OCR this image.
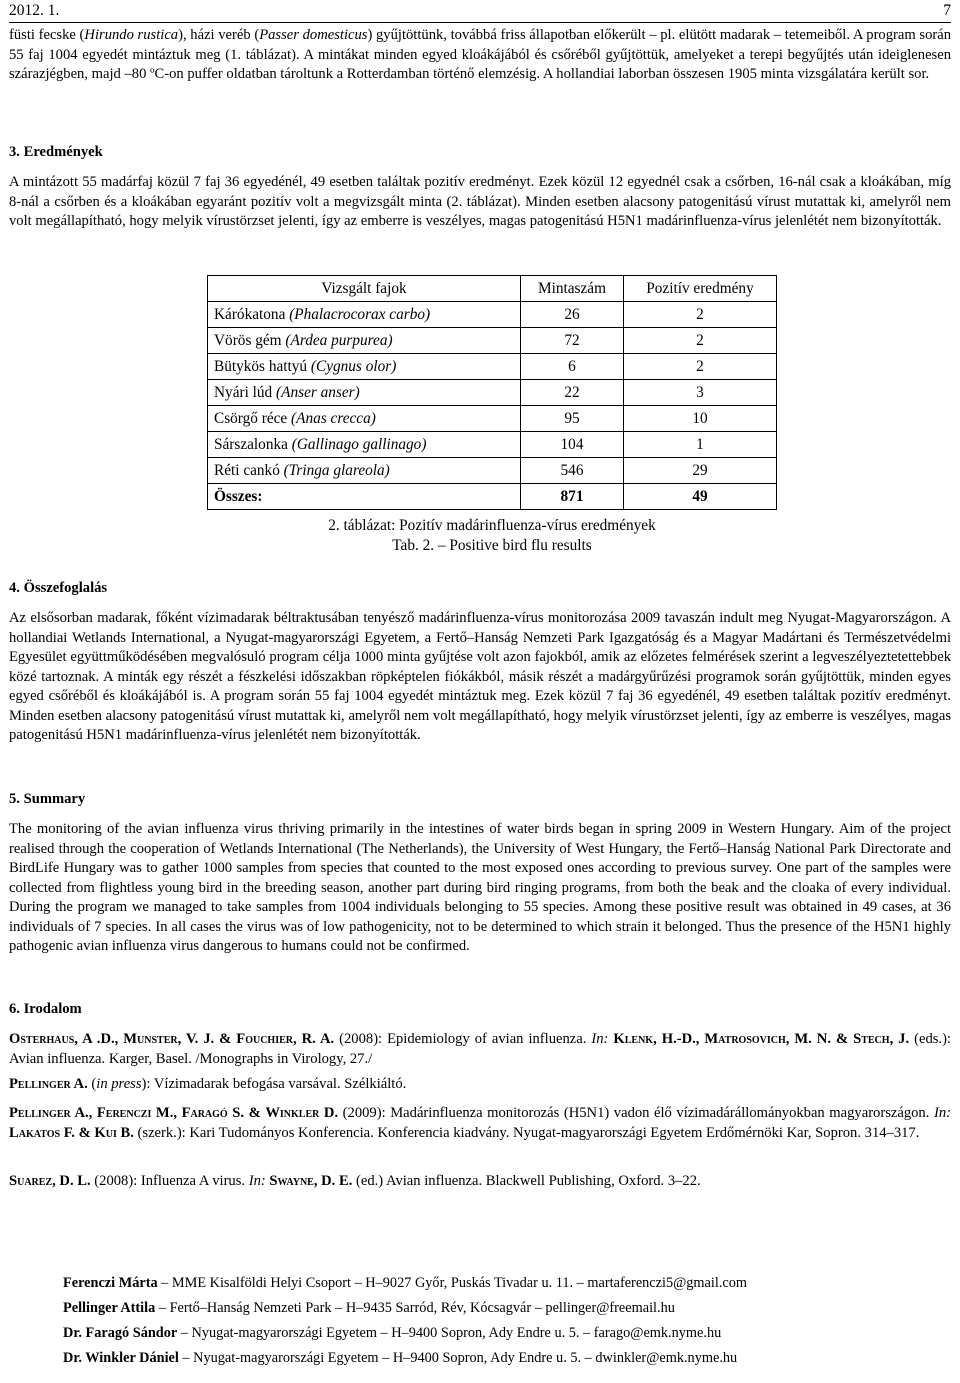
2012. 1.	7

füsti fecske (Hirundo rustica), házi veréb (Passer domesticus) gyűjtöttünk, továbbá friss állapotban előkerült – pl. elütött madarak – tetemeiből. A program során 55 faj 1004 egyedét mintáztuk meg (1. táblázat). A mintákat minden egyed kloákájából és csőréből gyűjtöttük, amelyeket a terepi begyűjtés után ideiglenesen szárazjégben, majd –80 ºC-on puffer oldatban tároltunk a Rotterdamban történő elemzésig. A hollandiai laborban összesen 1905 minta vizsgálatára került sor.

3. Eredmények

A mintázott 55 madárfaj közül 7 faj 36 egyedénél, 49 esetben találtak pozitív eredményt. Ezek közül 12 egyednél csak a csőrben, 16-nál csak a kloákában, míg 8-nál a csőrben és a kloákában egyaránt pozitív volt a megvizsgált minta (2. táblázat). Minden esetben alacsony patogenitású vírust mutattak ki, amelyről nem volt megállapítható, hogy melyik vírustörzset jelenti, így az emberre is veszélyes, magas patogenitású H5N1 madárinfluenza-vírus jelenlétét nem bizonyították.

Vizsgált fajok	Mintaszám	Pozitív eredmény
Kárókatona (Phalacrocorax carbo)	26	2
Vörös gém (Ardea purpurea)	72	2
Bütykös hattyú (Cygnus olor)	6	2
Nyári lúd (Anser anser)	22	3
Csörgő réce (Anas crecca)	95	10
Sárszalonka (Gallinago gallinago)	104	1
Réti cankó (Tringa glareola)	546	29
Összes:	871	49
2. táblázat: Pozitív madárinfluenza-vírus eredmények
Tab. 2. – Positive bird flu results
4. Összefoglalás

Az elsősorban madarak, főként vízimadarak béltraktusában tenyésző madárinfluenza-vírus monitorozása 2009 tavaszán indult meg Nyugat-Magyarországon. A hollandiai Wetlands International, a Nyugat-magyarországi Egyetem, a Fertő–Hanság Nemzeti Park Igazgatóság és a Magyar Madártani és Természetvédelmi Egyesület együttműködésében megvalósuló program célja 1000 minta gyűjtése volt azon fajokból, amik az előzetes felmérések szerint a legveszélyeztetettebbek közé tartoznak. A minták egy részét a fészkelési időszakban röpképtelen fiókákból, másik részét a madárgyűrűzési programok során gyűjtöttük, minden egyes egyed csőréből és kloákájából is. A program során 55 faj 1004 egyedét mintáztuk meg. Ezek közül 7 faj 36 egyedénél, 49 esetben találtak pozitív eredményt. Minden esetben alacsony patogenitású vírust mutattak ki, amelyről nem volt megállapítható, hogy melyik vírustörzset jelenti, így az emberre is veszélyes, magas patogenitású H5N1 madárinfluenza-vírus jelenlétét nem bizonyították.

5. Summary

The monitoring of the avian influenza virus thriving primarily in the intestines of water birds began in spring 2009 in Western Hungary. Aim of the project realised through the cooperation of Wetlands International (The Netherlands), the University of West Hungary, the Fertő–Hanság National Park Directorate and BirdLife Hungary was to gather 1000 samples from species that counted to the most exposed ones according to previous survey. One part of the samples were collected from flightless young bird in the breeding season, another part during bird ringing programs, from both the beak and the cloaka of every individual. During the program we managed to take samples from 1004 individuals belonging to 55 species. Among these positive result was obtained in 49 cases, at 36 individuals of 7 species. In all cases the virus was of low pathogenicity, not to be determined to which strain it belonged. Thus the presence of the H5N1 highly pathogenic avian influenza virus dangerous to humans could not be confirmed.

6. Irodalom

Osterhaus, A .D., Munster, V. J. & Fouchier, R. A. (2008): Epidemiology of avian influenza. In: Klenk, H.-D., Matrosovich, M. N. & Stech, J. (eds.): Avian influenza. Karger, Basel. /Monographs in Virology, 27./

Pellinger A. (in press): Vízimadarak befogása varsával. Szélkiáltó.

Pellinger A., Ferenczi M., Faragó S. & Winkler D. (2009): Madárinfluenza monitorozás (H5N1) vadon élő vízimadárállományokban magyarországon. In: Lakatos F. & Kui B. (szerk.): Kari Tudományos Konferencia. Konferencia kiadvány. Nyugat-magyarországi Egyetem Erdőmérnöki Kar, Sopron. 314–317.

Suarez, D. L. (2008): Influenza A virus. In: Swayne, D. E. (ed.) Avian influenza. Blackwell Publishing, Oxford. 3–22.

Ferenczi Márta – MME Kisalföldi Helyi Csoport – H–9027 Győr, Puskás Tivadar u. 11. – martaferenczi5@gmail.com
Pellinger Attila – Fertő–Hanság Nemzeti Park – H–9435 Sarród, Rév, Kócsagvár – pellinger@freemail.hu
Dr. Faragó Sándor – Nyugat-magyarországi Egyetem – H–9400 Sopron, Ady Endre u. 5. – farago@emk.nyme.hu
Dr. Winkler Dániel – Nyugat-magyarországi Egyetem – H–9400 Sopron, Ady Endre u. 5. – dwinkler@emk.nyme.hu
